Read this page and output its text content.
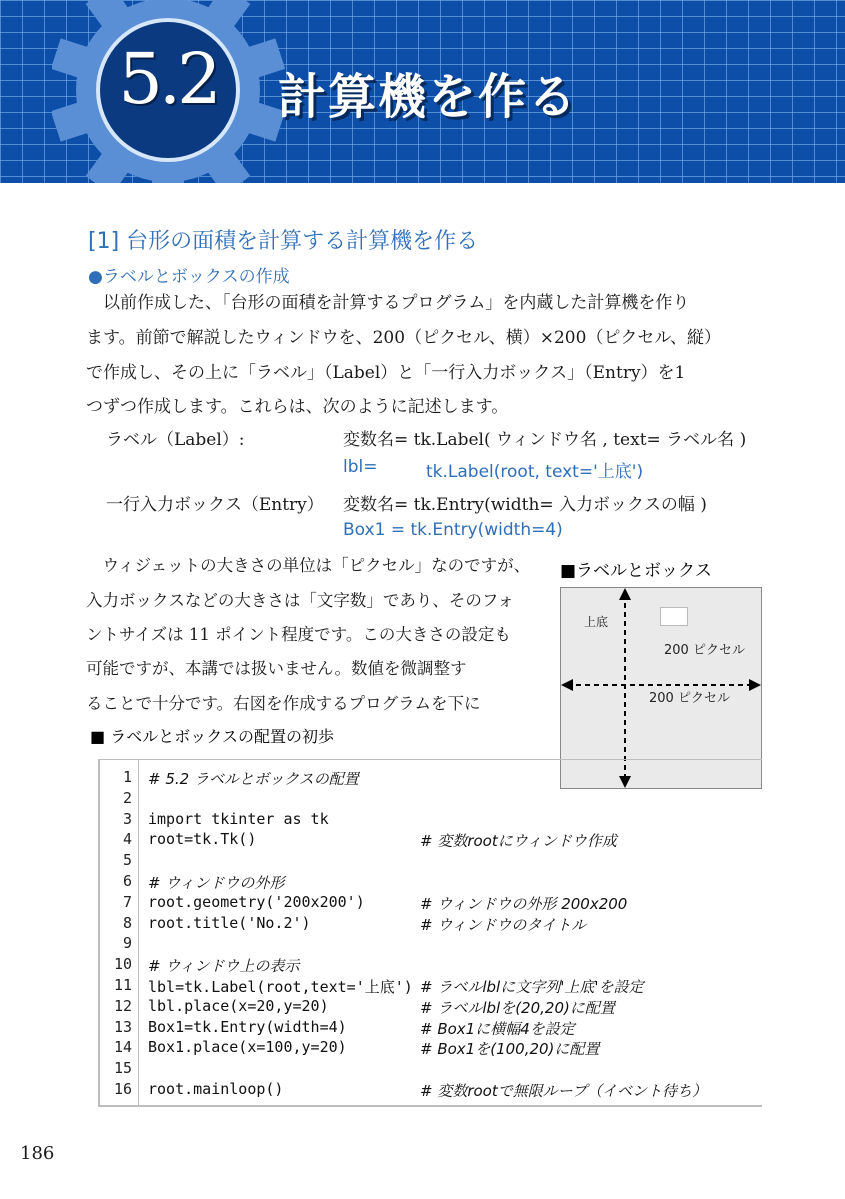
5.2 計算機を作る
[1] 台形の面積を計算する計算機を作る
●ラベルとボックスの作成
　以前作成した、「台形の面積を計算するプログラム」を内蔵した計算機を作り
ます。前節で解説したウィンドウを、200（ピクセル、横）×200（ピクセル、縦）
で作成し、その上に「ラベル」（Label）と「一行入力ボックス」（Entry）を1
つずつ作成します。これらは、次のように記述します。
ラベル（Label）:	変数名= tk.Label( ウィンドウ名 , text= ラベル名 )
lbl=	tk.Label(root, text='上底')
一行入力ボックス（Entry） 変数名= tk.Entry(width= 入力ボックスの幅 )
Box1 = tk.Entry(width=4)
　ウィジェットの大きさの単位は「ピクセル」なのですが、
入力ボックスなどの大きさは「文字数」であり、そのフォ
ントサイズは 11 ポイント程度です。この大きさの設定も
可能ですが、本講では扱いません。数値を微調整す
ることで十分です。右図を作成するプログラムを下に
■ラベルとボックス
上底
200 ピクセル
200 ピクセル
■ ラベルとボックスの配置の初歩
1 # 5.2 ラベルとボックスの配置
2
3 import tkinter as tk
4 root=tk.Tk()	# 変数rootにウィンドウ作成
5
6 # ウィンドウの外形
7 root.geometry('200x200')	# ウィンドウの外形 200x200
8 root.title('No.2')	# ウィンドウのタイトル
9
10 # ウィンドウ上の表示
11 lbl=tk.Label(root,text='上底') # ラベルlblに文字列'上底'を設定
12 lbl.place(x=20,y=20)	# ラベルlblを(20,20)に配置
13 Box1=tk.Entry(width=4)	# Box1に横幅4を設定
14 Box1.place(x=100,y=20)	# Box1を(100,20)に配置
15
16 root.mainloop()	# 変数rootで無限ループ（イベント待ち）
186
